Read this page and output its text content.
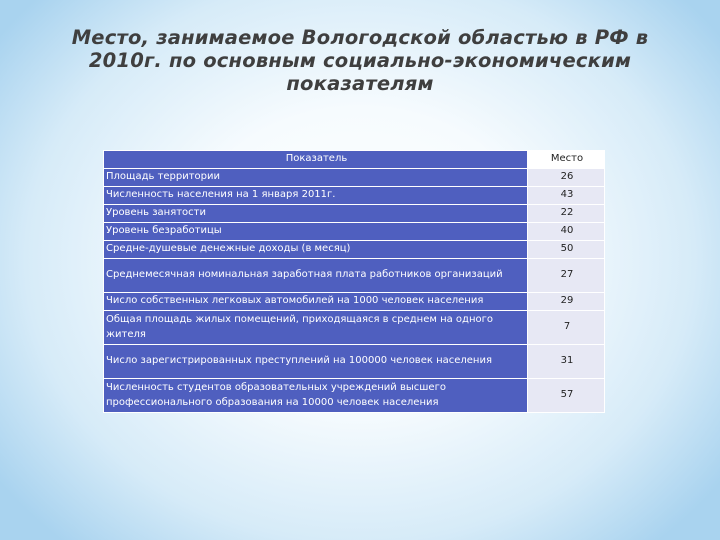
Место, занимаемое Вологодской областью в РФ в 2010г. по основным социально-экономическим показателям
Показатель	Место
Площадь территории	26
Численность населения на 1 января 2011г.	43
Уровень занятости	22
Уровень безработицы	40
Средне-душевые денежные доходы (в месяц)	50
Среднемесячная номинальная заработная плата работников организаций	27
Число собственных легковых автомобилей на 1000 человек населения	29
Общая площадь жилых помещений, приходящаяся в среднем на одного жителя	7
Число зарегистрированных преступлений на 100000 человек населения	31
Численность студентов образовательных учреждений высшего профессионального образования на 10000 человек населения	57
